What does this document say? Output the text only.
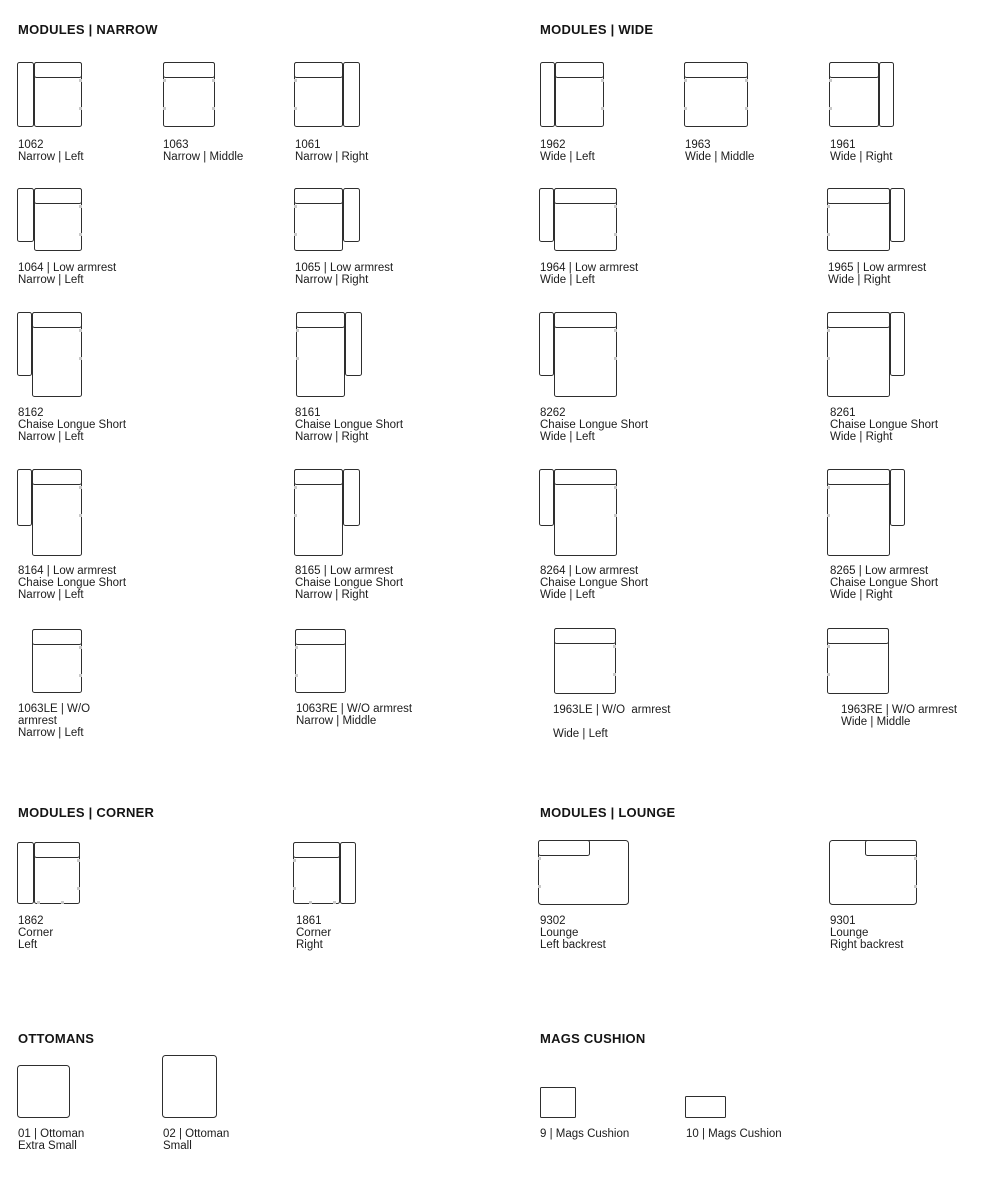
MODULES | NARROW
1062
Narrow | Left
1063
Narrow | Middle
1061
Narrow | Right
1064 | Low armrest
Narrow | Left
1065 | Low armrest
Narrow | Right
8162
Chaise Longue Short
Narrow | Left
8161
Chaise Longue Short
Narrow | Right
8164 | Low armrest
Chaise Longue Short
Narrow | Left
8165 | Low armrest
Chaise Longue Short
Narrow | Right
1063LE | W/O
armrest
Narrow | Left
1063RE | W/O armrest
Narrow | Middle
MODULES | WIDE
1962
Wide | Left
1963
Wide | Middle
1961
Wide | Right
1964 | Low armrest
Wide | Left
1965 | Low armrest
Wide | Right
8262
Chaise Longue Short
Wide | Left
8261
Chaise Longue Short
Wide | Right
8264 | Low armrest
Chaise Longue Short
Wide | Left
8265 | Low armrest
Chaise Longue Short
Wide | Right
1963LE | W/O  armrest
Wide | Left
1963RE | W/O armrest
Wide | Middle
MODULES | CORNER
1862
Corner
Left
1861
Corner
Right
MODULES | LOUNGE
9302
Lounge
Left backrest
9301
Lounge
Right backrest
OTTOMANS
01 | Ottoman
Extra Small
02 | Ottoman
Small
MAGS CUSHION
9 | Mags Cushion	10 | Mags Cushion
